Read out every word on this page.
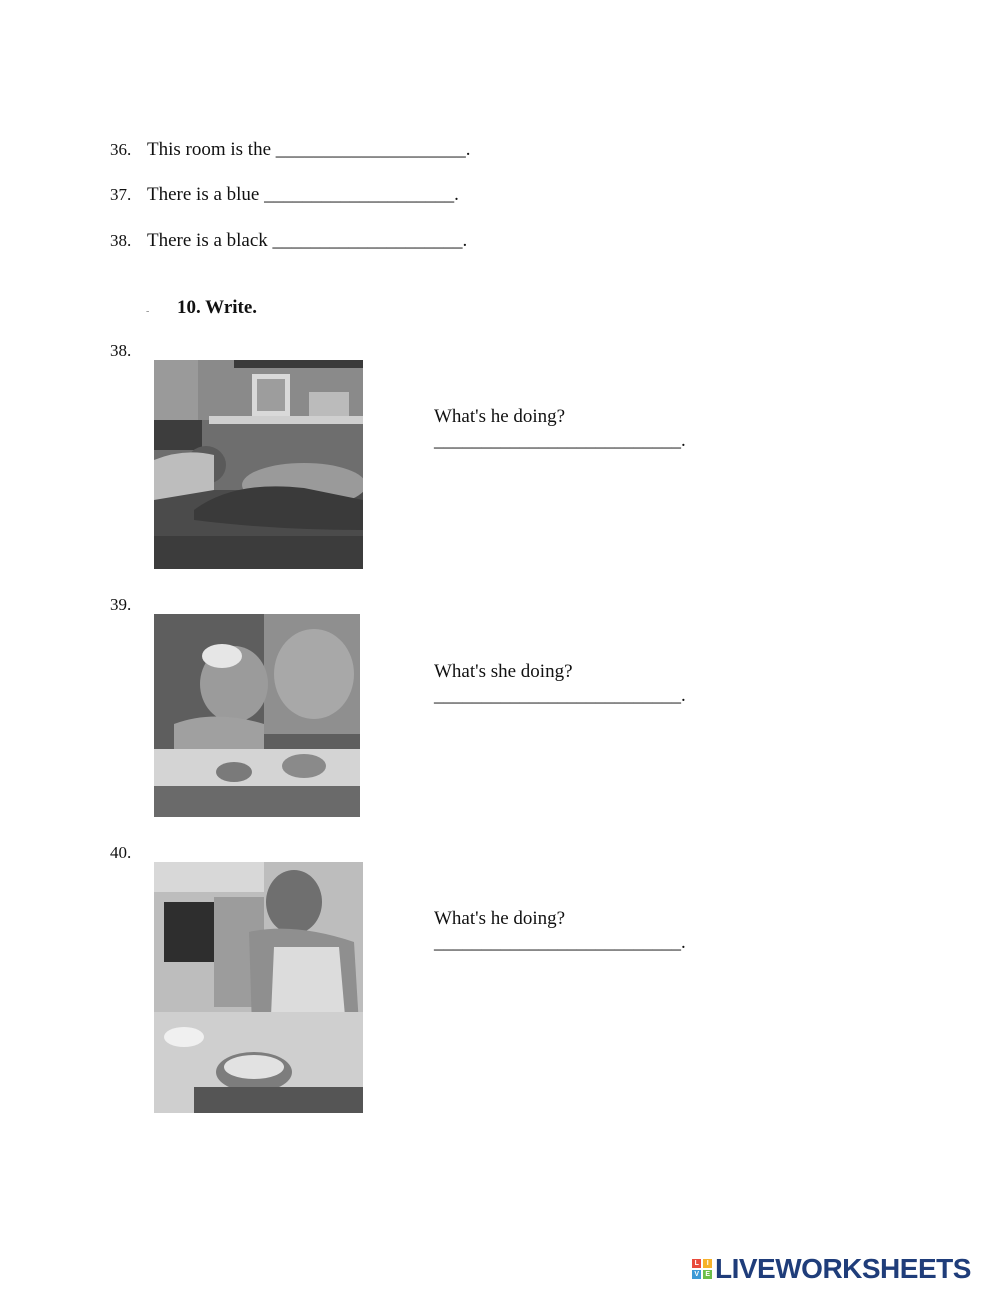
36. This room is the ____________________.
37. There is a blue ____________________.
38. There is a black ____________________.
- 10. Write.
38.
What's he doing?
__________________________.
39.
What's she doing?
__________________________.
40.
What's he doing?
__________________________.
L	I
V E LIVEWORKSHEETS
